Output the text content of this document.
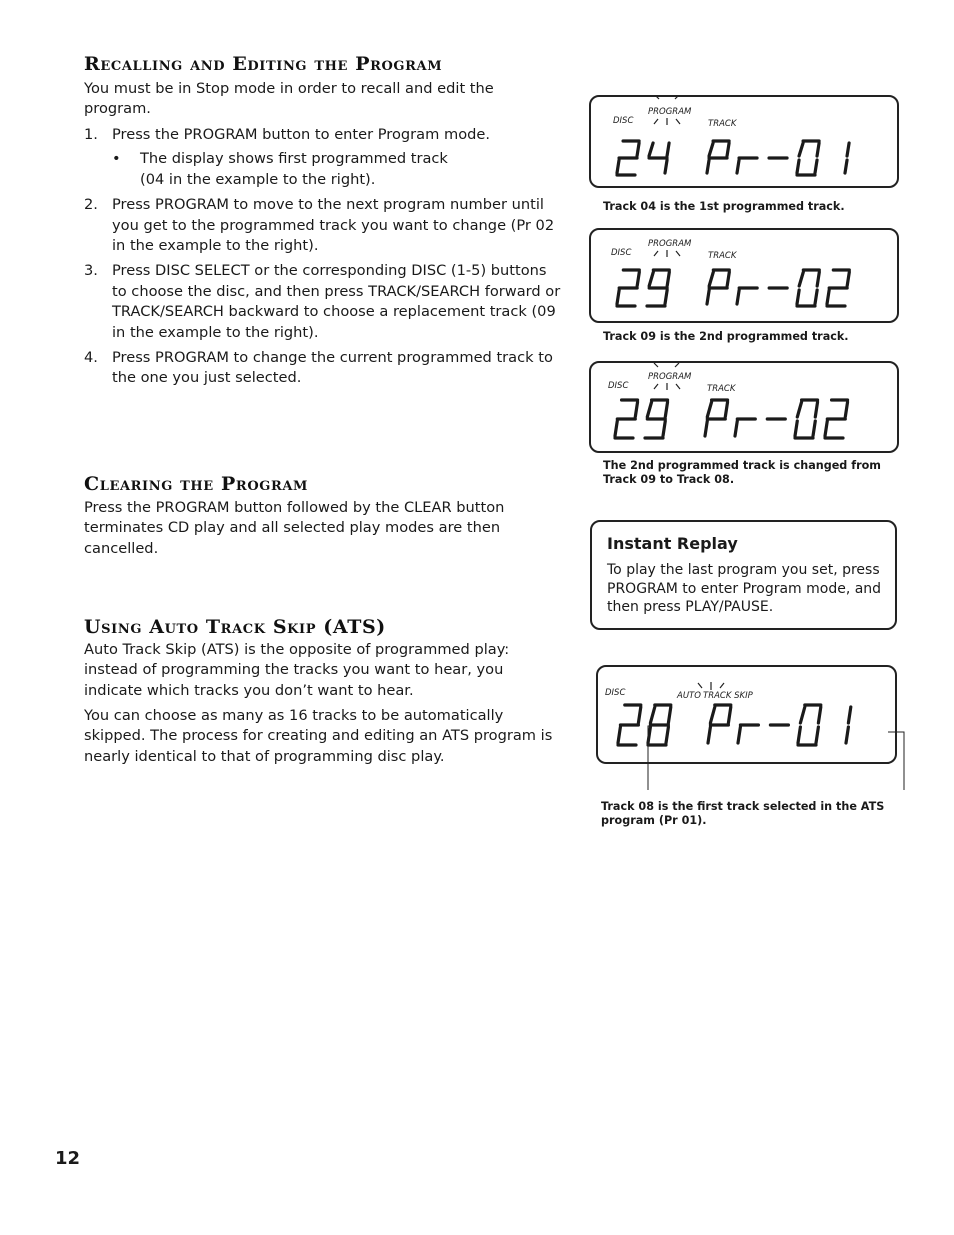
Recalling and Editing the Program

You must be in Stop mode in order to recall and edit the program.

1. Press the PROGRAM button to enter Program mode.
• The display shows first programmed track
(04 in the example to the right).
2. Press PROGRAM to move to the next program number until you get to the programmed track you want to change (Pr 02 in the example to the right).
3. Press DISC SELECT or the corresponding DISC (1-5) buttons to choose the disc, and then press TRACK/SEARCH forward or TRACK/SEARCH backward to choose a replacement track (09 in the example to the right).
4. Press PROGRAM to change the current programmed track to the one you just selected.
Clearing the Program

Press the PROGRAM button followed by the CLEAR button terminates CD play and all selected play modes are then cancelled.

Using Auto Track Skip (ATS)

Auto Track Skip (ATS) is the opposite of programmed play: instead of programming the tracks you want to hear, you indicate which tracks you don’t want to hear.

You can choose as many as 16 tracks to be automatically skipped. The process for creating and editing an ATS program is nearly identical to that of programming disc play.

DISC
PROGRAM
TRACK

Track 04 is the 1st programmed track.

DISC
PROGRAM
TRACK

Track 09 is the 2nd programmed track.

DISC
PROGRAM
TRACK

The 2nd programmed track is changed from Track 09 to Track 08.

Instant Replay

To play the last program you set, press PROGRAM to enter Program mode, and then press PLAY/PAUSE.

DISC	AUTO TRACK SKIP

Track 08 is the first track selected in the ATS program (Pr 01).

12
